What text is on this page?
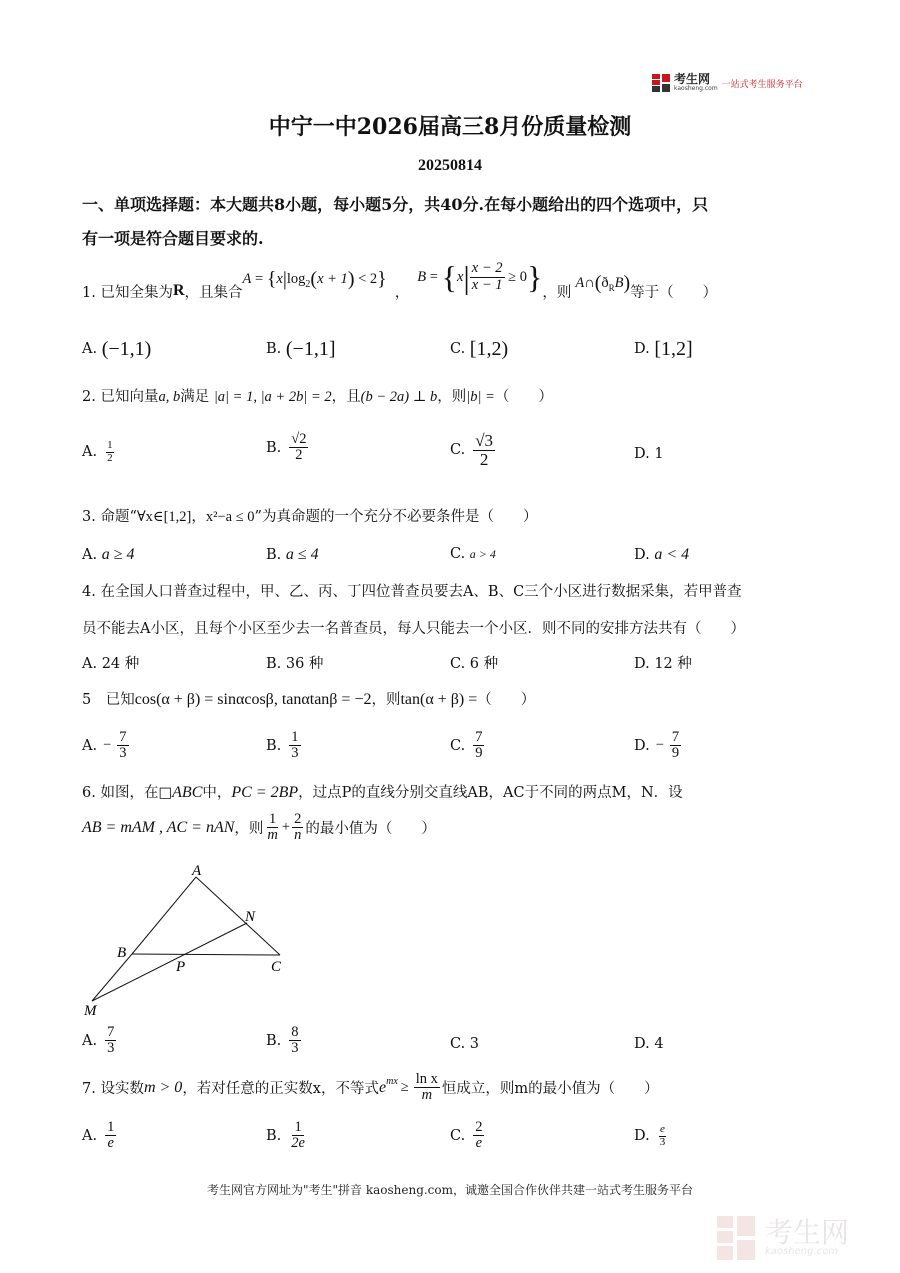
考生网
kaosheng.com 一站式考生服务平台
中宁一中2026届高三8月份质量检测
20250814
一、单项选择题：本大题共8小题，每小题5分，共40分.在每小题给出的四个选项中，只
有一项是符合题目要求的.
1. 已知全集为 R ，且集合
$A = \{x|\log_2(x + 1) < 2\}$
，
$B = \{x| \frac{x - 2}{x - 1} \ge 0\}$ ，则
$A\cap(ð_RB)$ 等于（　　）
A. (−1,1)	B. (−1,1]	C. [1,2)	D. [1,2]
2. 已知向量a, b满足 |a| = 1, |a + 2b| = 2，且(b − 2a) ⊥ b，则|b| =（　　）
A. $\frac{1}{2}$	B. $\frac{√2}{2}$	C. $\frac{√3}{2}$	D. 1
3. 命题“∀x∈[1,2]，x²−a ≤ 0”为真命题的一个充分不必要条件是（　　）
A. a ≥ 4	B. a ≤ 4	C. a > 4	D. a < 4
4. 在全国人口普查过程中，甲、乙、丙、丁四位普查员要去A、B、C三个小区进行数据采集，若甲普查
员不能去A小区，且每个小区至少去一名普查员，每人只能去一个小区．则不同的安排方法共有（　　）
A. 24 种	B. 36 种	C. 6 种	D. 12 种
5　已知cos(α + β) = sinαcosβ, tanαtanβ = −2，则tan(α + β) =（　　）
A. − $\frac{7}{3}$	B. $\frac{1}{3}$	C. $\frac{7}{9}$	D. − $\frac{7}{9}$
6. 如图，在□ABC中，PC = 2BP，过点P的直线分别交直线AB，AC于不同的两点M，N．设
AB = mAM , AC = nAN ，则 $\frac{1}{m} + \frac{2}{n}$ 的最小值为（　　）
A
B
C
N
P
M
A. $\frac{7}{3}$	B. $\frac{8}{3}$	C. 3	D. 4
7. 设实数 m > 0 ，若对任意的正实数x，不等式 $e^{mx} \ge \frac{\text{ln x}}{m}$ 恒成立，则m的最小值为（　　）
A. $\frac{1}{e}$	B. $\frac{1}{2e}$	C. $\frac{2}{e}$	D. $\frac{e}{3}$
考生网官方网址为"考生"拼音 kaosheng.com，诚邀全国合作伙伴共建一站式考生服务平台
考生网
kaosheng.com
